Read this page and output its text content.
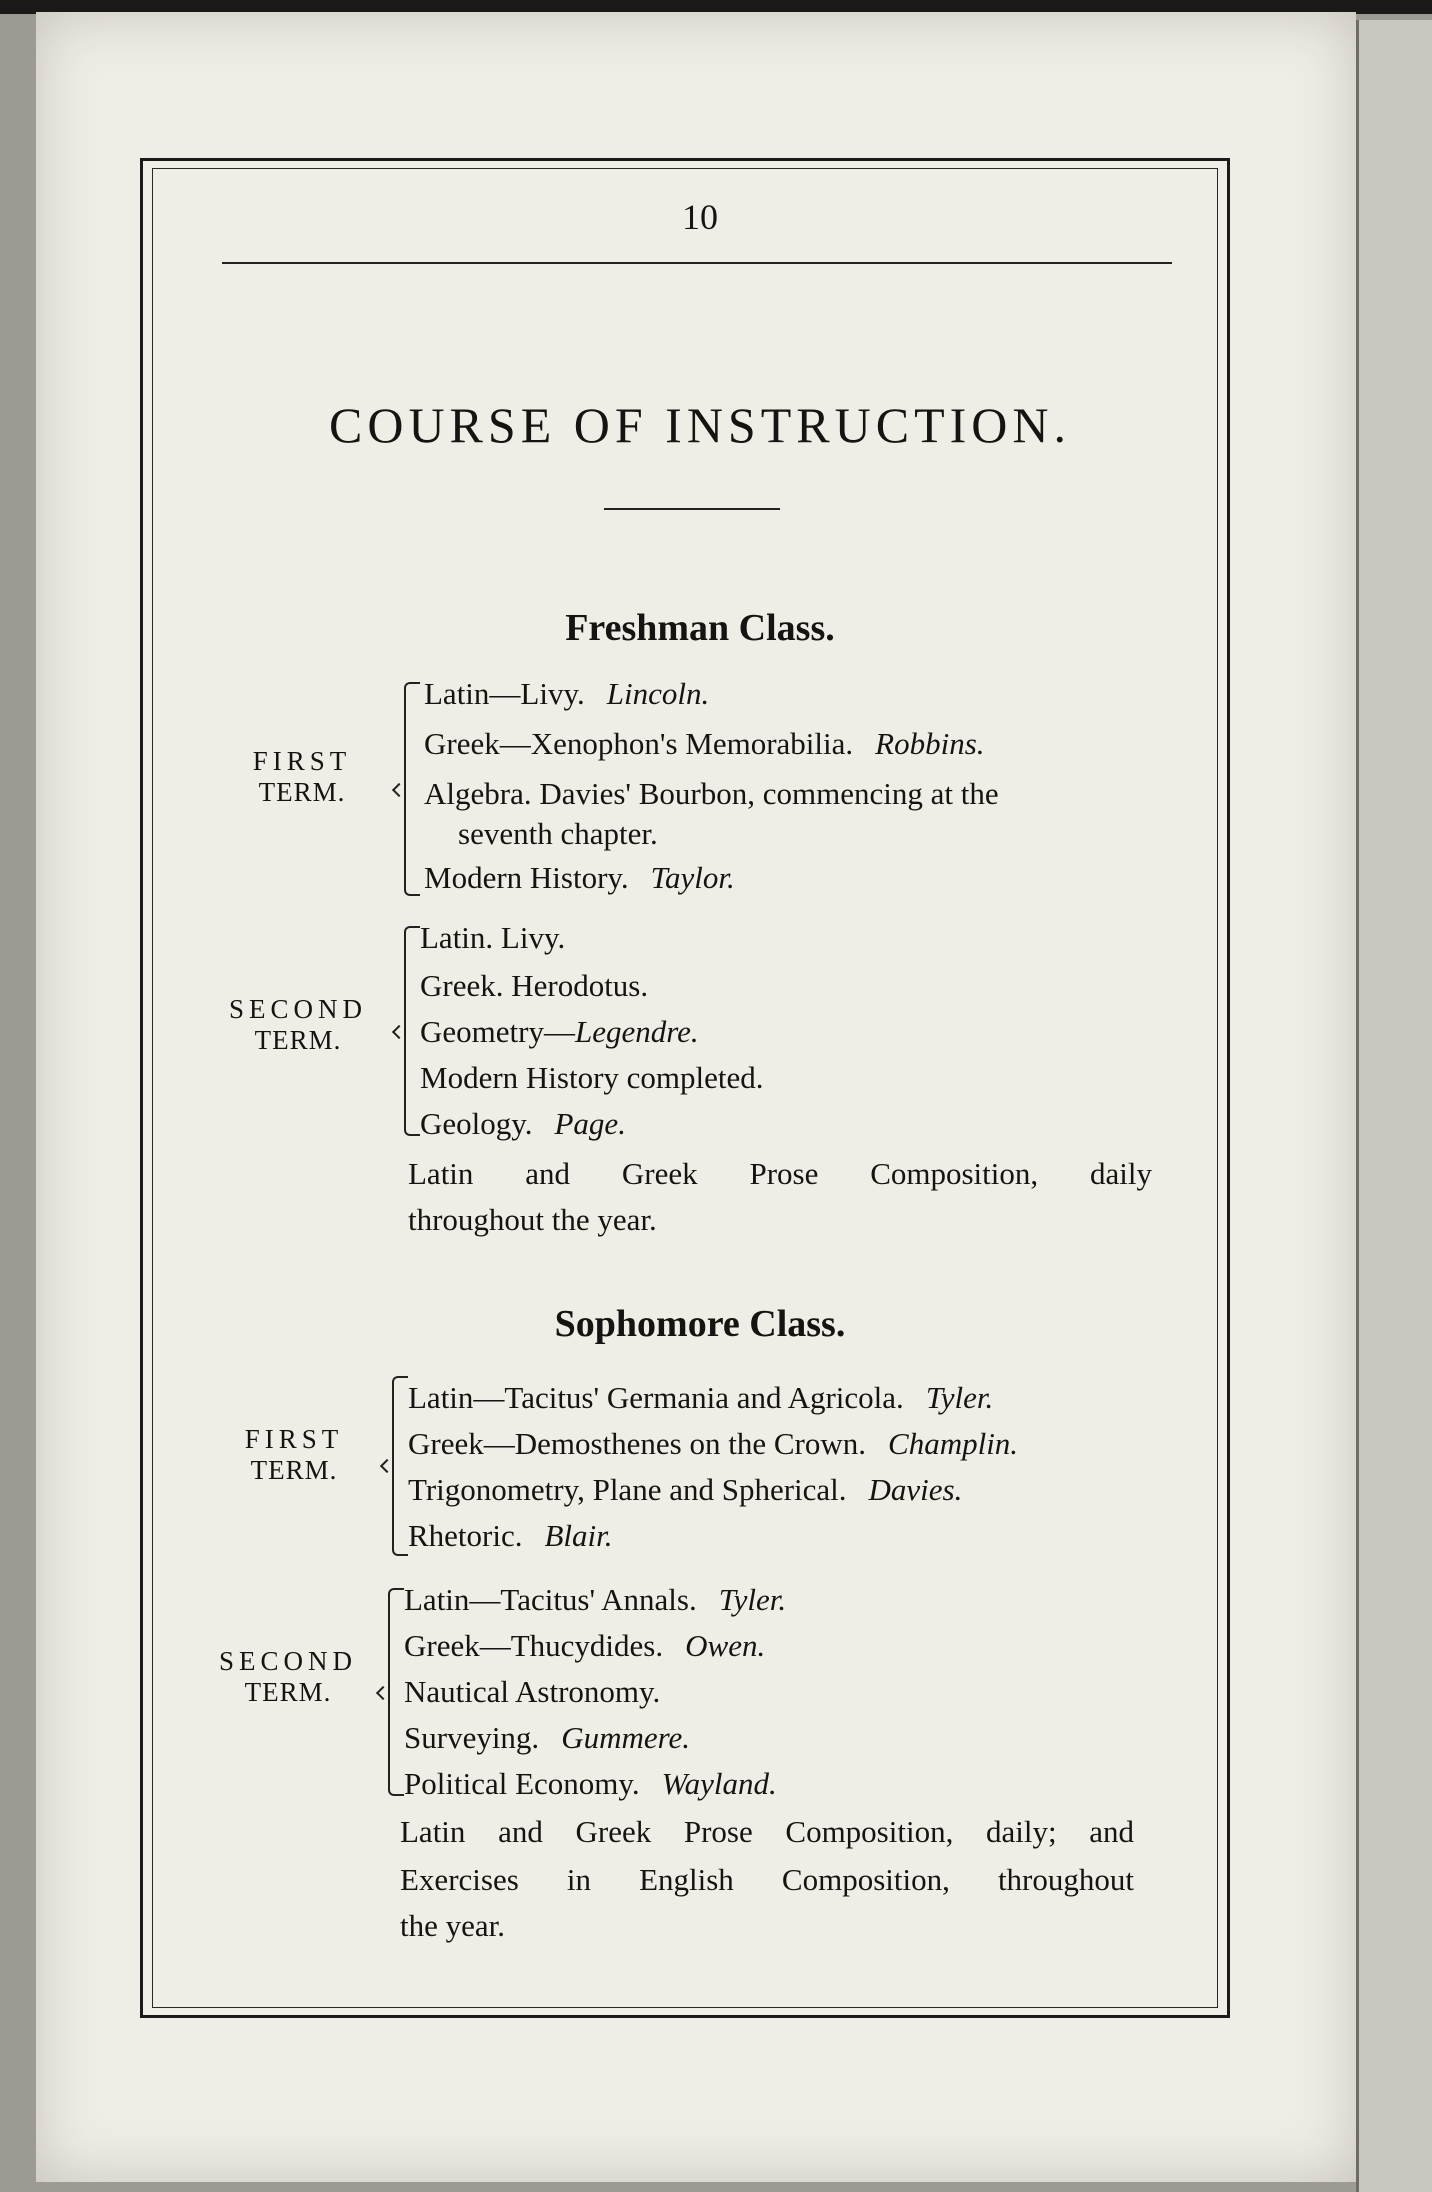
10
COURSE OF INSTRUCTION.
Freshman Class.
FIRST
TERM.
Latin—Livy. Lincoln.
Greek—Xenophon's Memorabilia. Robbins.
Algebra. Davies' Bourbon, commencing at the
seventh chapter.
Modern History. Taylor.
SECOND
TERM.
Latin. Livy.
Greek. Herodotus.
Geometry—Legendre.
Modern History completed.
Geology. Page.
Latin and Greek Prose Composition, daily
throughout the year.
Sophomore Class.
FIRST
TERM.
Latin—Tacitus' Germania and Agricola. Tyler.
Greek—Demosthenes on the Crown. Champlin.
Trigonometry, Plane and Spherical. Davies.
Rhetoric. Blair.
SECOND
TERM.
Latin—Tacitus' Annals. Tyler.
Greek—Thucydides. Owen.
Nautical Astronomy.
Surveying. Gummere.
Political Economy. Wayland.
Latin and Greek Prose Composition, daily; and
Exercises in English Composition, throughout
the year.
